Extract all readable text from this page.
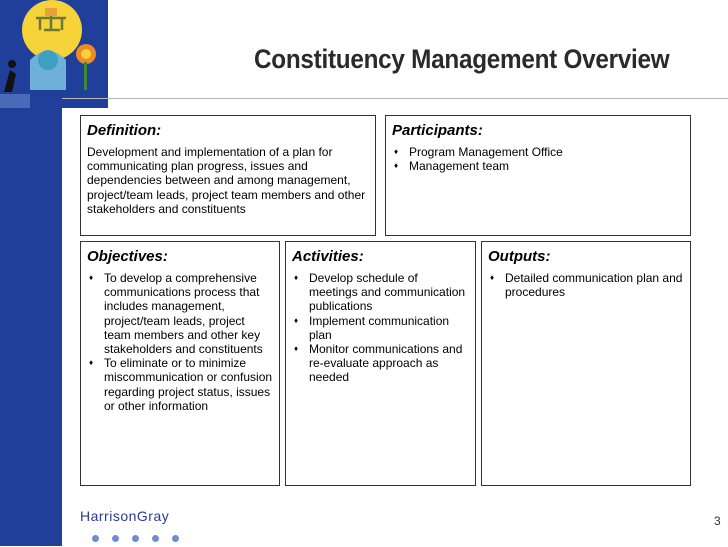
Constituency Management Overview
Definition:
Development and implementation of a plan for communicating plan progress, issues and dependencies between and among management, project/team leads, project team members and other stakeholders and constituents
Participants:
♦ Program Management Office
♦ Management team
Objectives:
♦ To develop a comprehensive communications process that includes management, project/team leads, project team members and other key stakeholders and constituents
♦ To eliminate or to minimize miscommunication or confusion regarding project status, issues or other information
Activities:
♦ Develop schedule of meetings and communication publications
♦ Implement communication plan
♦ Monitor communications and re-evaluate approach as needed
Outputs:
♦ Detailed communication plan and procedures
HarrisonGray	3
